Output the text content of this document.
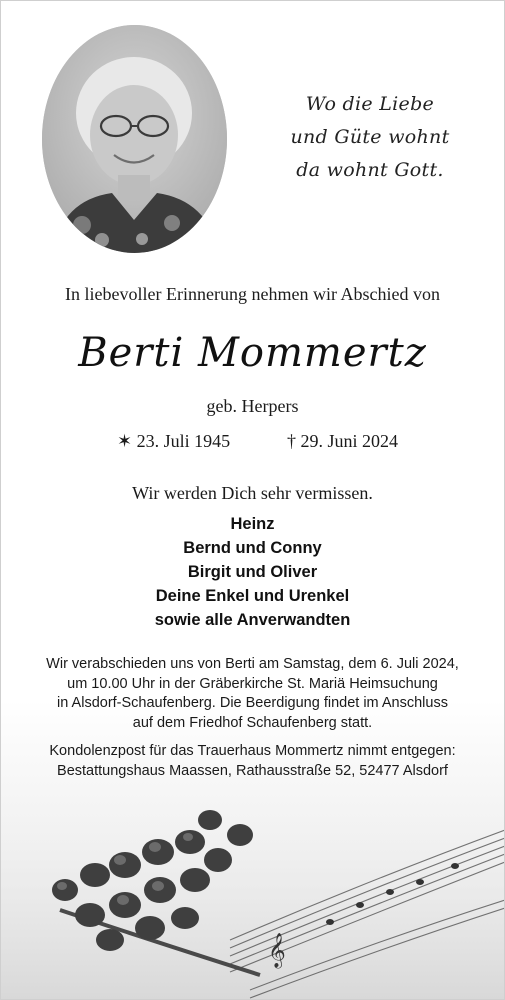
Wo die Liebe
und Güte wohnt
da wohnt Gott.
In liebevoller Erinnerung nehmen wir Abschied von
Berti Mommertz
geb. Herpers
✶ 23. Juli 1945	† 29. Juni 2024
Wir werden Dich sehr vermissen.
Heinz
Bernd und Conny
Birgit und Oliver
Deine Enkel und Urenkel
sowie alle Anverwandten
Wir verabschieden uns von Berti am Samstag, dem 6. Juli 2024,
um 10.00 Uhr in der Gräberkirche St. Mariä Heimsuchung
in Alsdorf-Schaufenberg. Die Beerdigung findet im Anschluss
auf dem Friedhof Schaufenberg statt.
Kondolenzpost für das Trauerhaus Mommertz nimmt entgegen:
Bestattungshaus Maassen, Rathausstraße 52, 52477 Alsdorf
𝄞
